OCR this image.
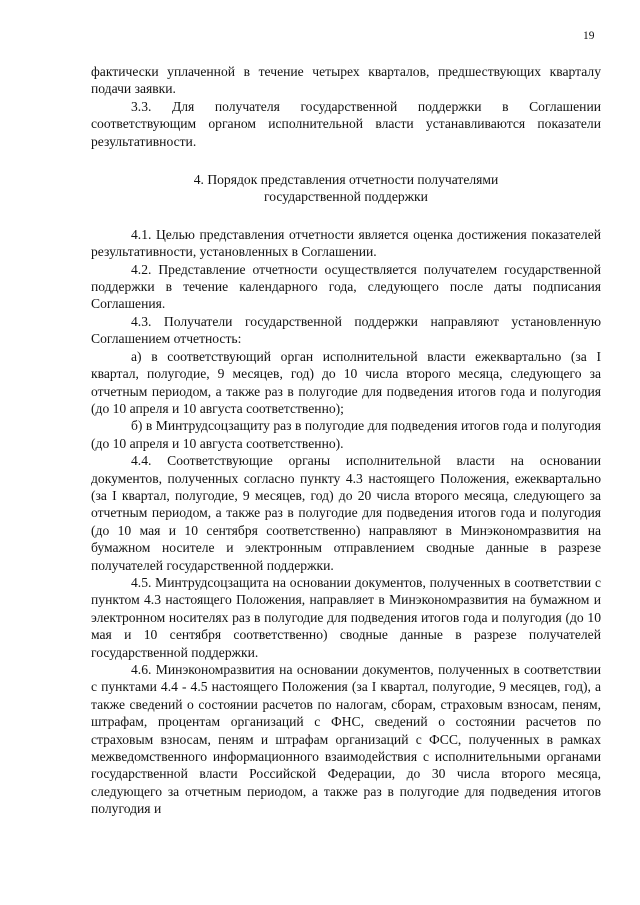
19

фактически уплаченной в течение четырех кварталов, предшествующих кварталу подачи заявки.

3.3. Для получателя государственной поддержки в Соглашении соответствующим органом исполнительной власти устанавливаются показатели результативности.

4. Порядок представления отчетности получателями
государственной поддержки

4.1. Целью представления отчетности является оценка достижения показателей результативности, установленных в Соглашении.

4.2. Представление отчетности осуществляется получателем государственной поддержки в течение календарного года, следующего после даты подписания Соглашения.

4.3. Получатели государственной поддержки направляют установленную Соглашением отчетность:

а) в соответствующий орган исполнительной власти ежеквартально (за I квартал, полугодие, 9 месяцев, год) до 10 числа второго месяца, следующего за отчетным периодом, а также раз в полугодие для подведения итогов года и полугодия (до 10 апреля и 10 августа соответственно);

б) в Минтрудсоцзащиту раз в полугодие для подведения итогов года и полугодия (до 10 апреля и 10 августа соответственно).

4.4. Соответствующие органы исполнительной власти на основании документов, полученных согласно пункту 4.3 настоящего Положения, ежеквартально (за I квартал, полугодие, 9 месяцев, год) до 20 числа второго месяца, следующего за отчетным периодом, а также раз в полугодие для подведения итогов года и полугодия (до 10 мая и 10 сентября соответственно) направляют в Минэкономразвития на бумажном носителе и электронным отправлением сводные данные в разрезе получателей государственной поддержки.

4.5. Минтрудсоцзащита на основании документов, полученных в соответствии с пунктом 4.3 настоящего Положения, направляет в Минэкономразвития на бумажном и электронном носителях раз в полугодие для подведения итогов года и полугодия (до 10 мая и 10 сентября соответственно) сводные данные в разрезе получателей государственной поддержки.

4.6. Минэкономразвития на основании документов, полученных в соответствии с пунктами 4.4 - 4.5 настоящего Положения (за I квартал, полугодие, 9 месяцев, год), а также сведений о состоянии расчетов по налогам, сборам, страховым взносам, пеням, штрафам, процентам организаций с ФНС, сведений о состоянии расчетов по страховым взносам, пеням и штрафам организаций с ФСС, полученных в рамках межведомственного информационного взаимодействия с исполнительными органами государственной власти Российской Федерации, до 30 числа второго месяца, следующего за отчетным периодом, а также раз в полугодие для подведения итогов полугодия и
